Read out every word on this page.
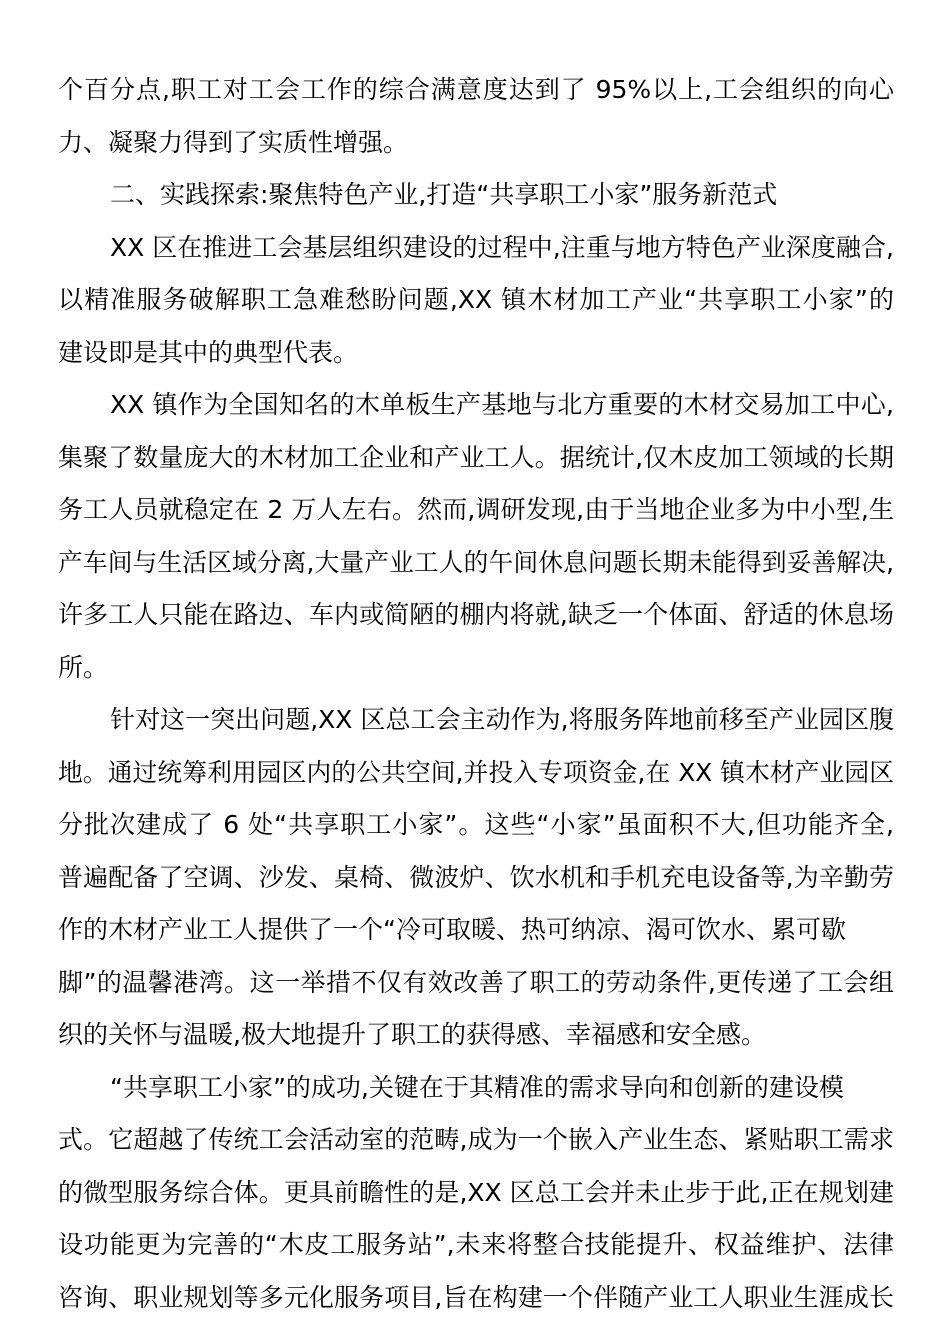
个百分点,职工对工会工作的综合满意度达到了 95%以上,工会组织的向心
力、凝聚力得到了实质性增强。
二、实践探索:聚焦特色产业,打造“共享职工小家”服务新范式
XX 区在推进工会基层组织建设的过程中,注重与地方特色产业深度融合,
以精准服务破解职工急难愁盼问题,XX 镇木材加工产业“共享职工小家”的
建设即是其中的典型代表。
XX 镇作为全国知名的木单板生产基地与北方重要的木材交易加工中心,
集聚了数量庞大的木材加工企业和产业工人。据统计,仅木皮加工领域的长期
务工人员就稳定在 2 万人左右。然而,调研发现,由于当地企业多为中小型,生
产车间与生活区域分离,大量产业工人的午间休息问题长期未能得到妥善解决,
许多工人只能在路边、车内或简陋的棚内将就,缺乏一个体面、舒适的休息场
所。
针对这一突出问题,XX 区总工会主动作为,将服务阵地前移至产业园区腹
地。通过统筹利用园区内的公共空间,并投入专项资金,在 XX 镇木材产业园区
分批次建成了 6 处“共享职工小家”。这些“小家”虽面积不大,但功能齐全,
普遍配备了空调、沙发、桌椅、微波炉、饮水机和手机充电设备等,为辛勤劳
作的木材产业工人提供了一个“冷可取暖、热可纳凉、渴可饮水、累可歇
脚”的温馨港湾。这一举措不仅有效改善了职工的劳动条件,更传递了工会组
织的关怀与温暖,极大地提升了职工的获得感、幸福感和安全感。
“共享职工小家”的成功,关键在于其精准的需求导向和创新的建设模
式。它超越了传统工会活动室的范畴,成为一个嵌入产业生态、紧贴职工需求
的微型服务综合体。更具前瞻性的是,XX 区总工会并未止步于此,正在规划建
设功能更为完善的“木皮工服务站”,未来将整合技能提升、权益维护、法律
咨询、职业规划等多元化服务项目,旨在构建一个伴随产业工人职业生涯成长
